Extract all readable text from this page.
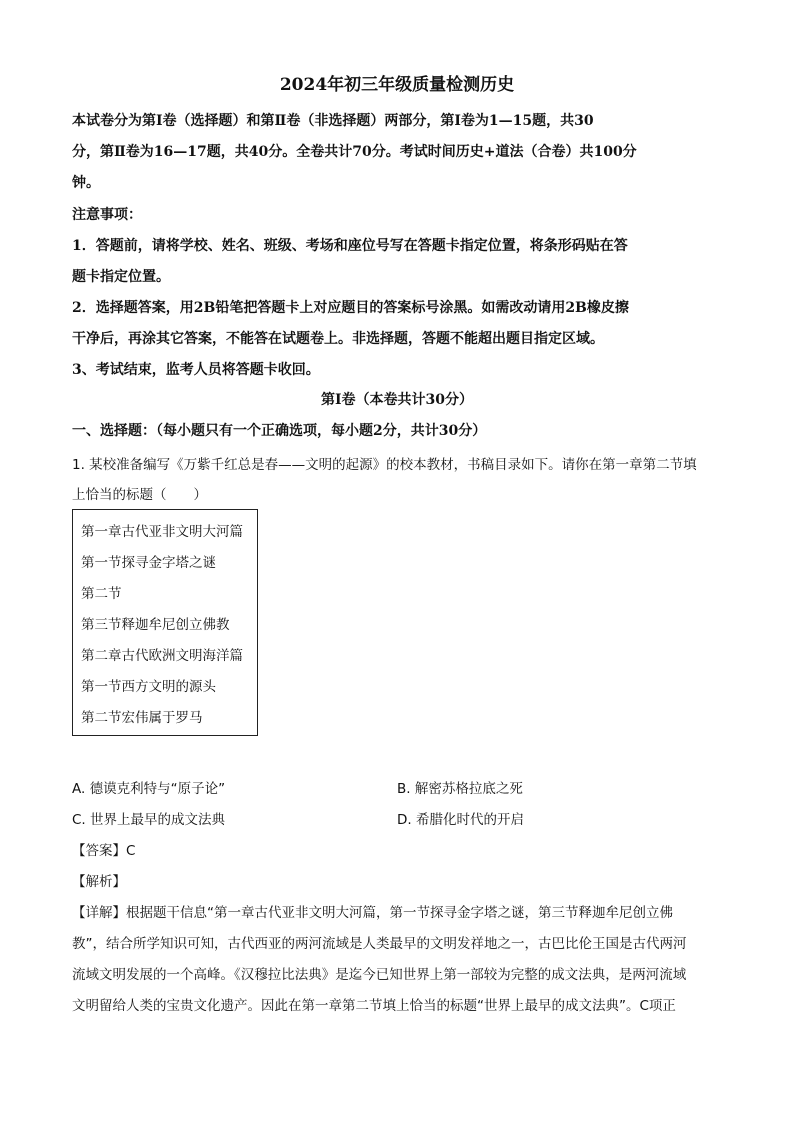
2024年初三年级质量检测历史
本试卷分为第Ⅰ卷（选择题）和第Ⅱ卷（非选择题）两部分，第Ⅰ卷为1—15题，共30
分，第Ⅱ卷为16—17题，共40分。全卷共计70分。考试时间历史+道法（合卷）共100分
钟。
注意事项：
1．答题前，请将学校、姓名、班级、考场和座位号写在答题卡指定位置，将条形码贴在答
题卡指定位置。
2．选择题答案，用2B铅笔把答题卡上对应题目的答案标号涂黑。如需改动请用2B橡皮擦
干净后，再涂其它答案，不能答在试题卷上。非选择题，答题不能超出题目指定区域。
3、考试结束，监考人员将答题卡收回。
第Ⅰ卷（本卷共计30分）
一、选择题：（每小题只有一个正确选项，每小题2分，共计30分）
1. 某校准备编写《万紫千红总是春——文明的起源》的校本教材，书稿目录如下。请你在第一章第二节填
上恰当的标题（　　）
第一章古代亚非文明大河篇
第一节探寻金字塔之谜
第二节
第三节释迦牟尼创立佛教
第二章古代欧洲文明海洋篇
第一节西方文明的源头
第二节宏伟属于罗马
A. 德谟克利特与“原子论”	B. 解密苏格拉底之死
C. 世界上最早的成文法典	D. 希腊化时代的开启
【答案】C
【解析】
【详解】根据题干信息“第一章古代亚非文明大河篇，第一节探寻金字塔之谜，第三节释迦牟尼创立佛
教”，结合所学知识可知，古代西亚的两河流域是人类最早的文明发祥地之一，古巴比伦王国是古代两河
流域文明发展的一个高峰。《汉穆拉比法典》是迄今已知世界上第一部较为完整的成文法典，是两河流域
文明留给人类的宝贵文化遗产。因此在第一章第二节填上恰当的标题“世界上最早的成文法典”。C项正
